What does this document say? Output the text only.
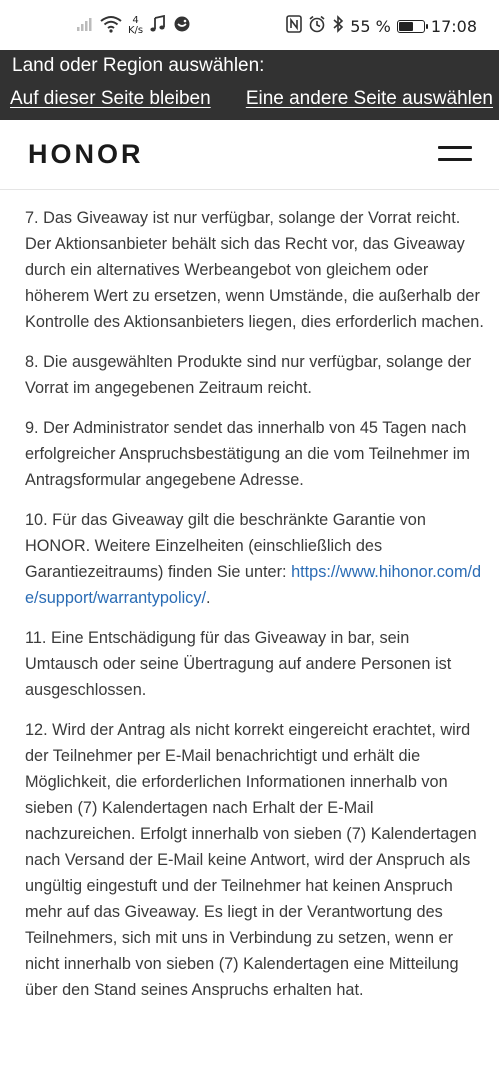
4
K/s	55 %	17:08
Land oder Region auswählen:
Auf dieser Seite bleiben Eine andere Seite auswählen
HONOR

7. Das Giveaway ist nur verfügbar, solange der Vorrat reicht. Der Aktionsanbieter behält sich das Recht vor, das Giveaway durch ein alternatives Werbeangebot von gleichem oder höherem Wert zu ersetzen, wenn Umstände, die außerhalb der Kontrolle des Aktionsanbieters liegen, dies erforderlich machen.

8. Die ausgewählten Produkte sind nur verfügbar, solange der Vorrat im angegebenen Zeitraum reicht.

9. Der Administrator sendet das innerhalb von 45 Tagen nach erfolgreicher Anspruchsbestätigung an die vom Teilnehmer im Antragsformular angegebene Adresse.

10. Für das Giveaway gilt die beschränkte Garantie von HONOR. Weitere Einzelheiten (einschließlich des Garantiezeitraums) finden Sie unter: https://www.hihonor.com/de/support/warrantypolicy/.

11. Eine Entschädigung für das Giveaway in bar, sein Umtausch oder seine Übertragung auf andere Personen ist ausgeschlossen.

12. Wird der Antrag als nicht korrekt eingereicht erachtet, wird der Teilnehmer per E-Mail benachrichtigt und erhält die Möglichkeit, die erforderlichen Informationen innerhalb von sieben (7) Kalendertagen nach Erhalt der E-Mail nachzureichen. Erfolgt innerhalb von sieben (7) Kalendertagen nach Versand der E-Mail keine Antwort, wird der Anspruch als ungültig eingestuft und der Teilnehmer hat keinen Anspruch mehr auf das Giveaway. Es liegt in der Verantwortung des Teilnehmers, sich mit uns in Verbindung zu setzen, wenn er nicht innerhalb von sieben (7) Kalendertagen eine Mitteilung über den Stand seines Anspruchs erhalten hat.
